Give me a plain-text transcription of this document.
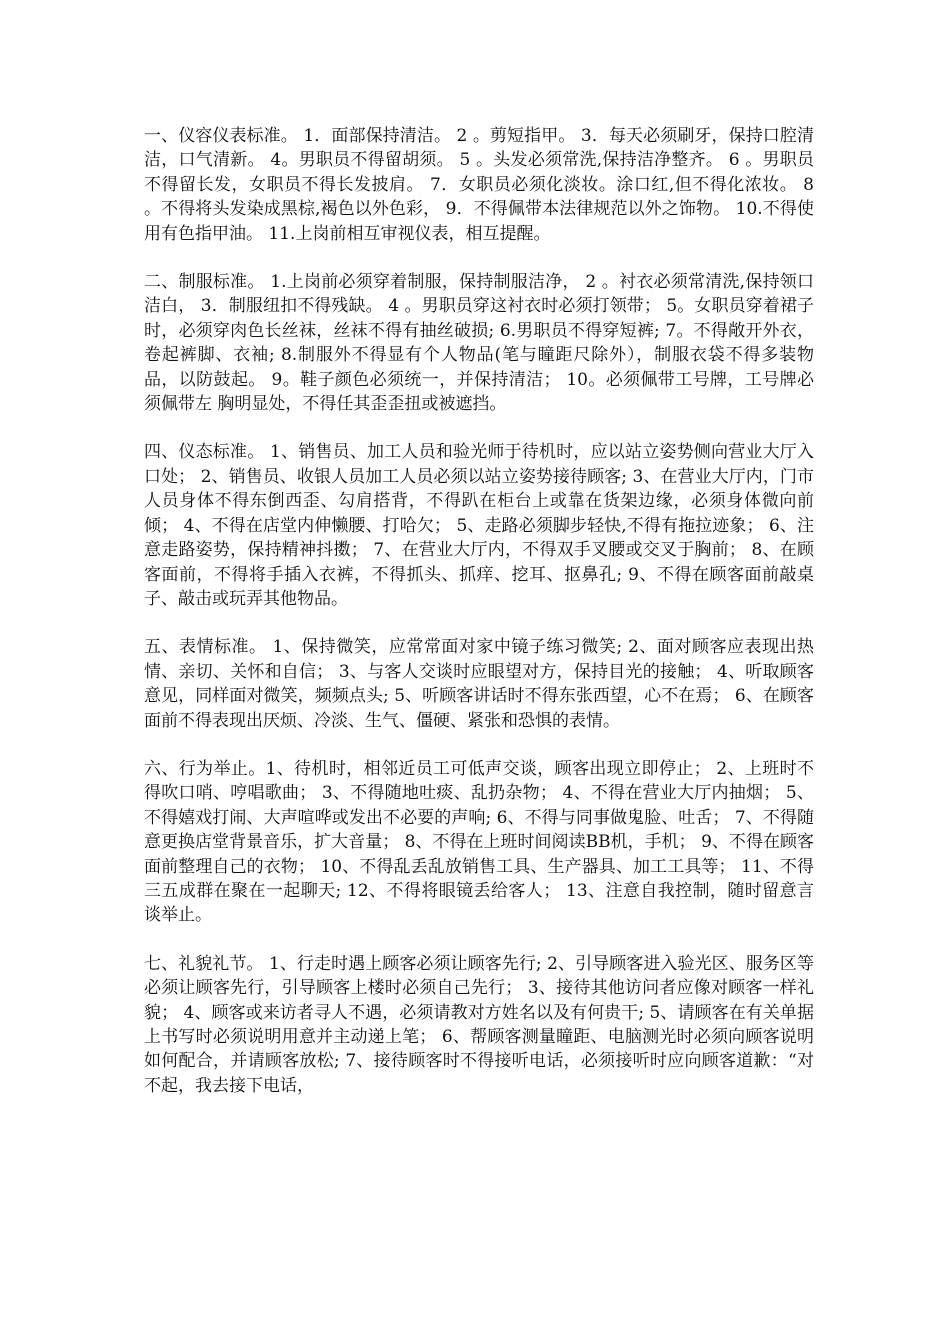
一、仪容仪表标准。 1．面部保持清洁。 2 。剪短指甲。 3．每天必须刷牙，保持口腔清洁，口气清新。 4。男职员不得留胡须。 5 。头发必须常洗,保持洁净整齐。 6 。男职员不得留长发，女职员不得长发披肩。 7．女职员必须化淡妆。涂口红,但不得化浓妆。 8 。不得将头发染成黑棕,褐色以外色彩， 9．不得佩带本法律规范以外之饰物。 10.不得使用有色指甲油。 11.上岗前相互审视仪表，相互提醒。

二、制服标准。 1.上岗前必须穿着制服，保持制服洁净， 2 。衬衣必须常清洗,保持领口洁白， 3．制服纽扣不得残缺。 4 。男职员穿这衬衣时必须打领带； 5。女职员穿着裙子时，必须穿肉色长丝袜，丝袜不得有抽丝破损; 6.男职员不得穿短裤; 7。不得敞开外衣，卷起裤脚、衣袖; 8.制服外不得显有个人物品(笔与瞳距尺除外），制服衣袋不得多装物品，以防鼓起。 9。鞋子颜色必须统一，并保持清洁； 10。必须佩带工号牌，工号牌必须佩带左 胸明显处，不得任其歪歪扭或被遮挡。

四、仪态标准。 1、销售员、加工人员和验光师于待机时，应以站立姿势侧向营业大厅入口处； 2、销售员、收银人员加工人员必须以站立姿势接待顾客; 3、在营业大厅内，门市人员身体不得东倒西歪、勾肩搭背，不得趴在柜台上或靠在货架边缘，必须身体微向前倾； 4、不得在店堂内伸懒腰、打哈欠； 5、走路必须脚步轻快,不得有拖拉迹象； 6、注意走路姿势，保持精神抖擞； 7、在营业大厅内，不得双手叉腰或交叉于胸前； 8、在顾客面前，不得将手插入衣裤，不得抓头、抓痒、挖耳、抠鼻孔; 9、不得在顾客面前敲桌子、敲击或玩弄其他物品。

五、表情标准。 1、保持微笑，应常常面对家中镜子练习微笑; 2、面对顾客应表现出热情、亲切、关怀和自信； 3、与客人交谈时应眼望对方，保持目光的接触； 4、听取顾客意见，同样面对微笑，频频点头; 5、听顾客讲话时不得东张西望，心不在焉； 6、在顾客面前不得表现出厌烦、冷淡、生气、僵硬、紧张和恐惧的表情。

六、行为举止。1、待机时，相邻近员工可低声交谈，顾客出现立即停止； 2、上班时不得吹口哨、哼唱歌曲； 3、不得随地吐痰、乱扔杂物； 4、不得在营业大厅内抽烟； 5、不得嬉戏打闹、大声喧哗或发出不必要的声响; 6、不得与同事做鬼脸、吐舌； 7、不得随意更换店堂背景音乐，扩大音量； 8、不得在上班时间阅读BB机，手机； 9、不得在顾客面前整理自己的衣物； 10、不得乱丢乱放销售工具、生产器具、加工工具等； 11、不得三五成群在聚在一起聊天; 12、不得将眼镜丢给客人； 13、注意自我控制，随时留意言谈举止。

七、礼貌礼节。 1、行走时遇上顾客必须让顾客先行; 2、引导顾客进入验光区、服务区等必须让顾客先行，引导顾客上楼时必须自己先行； 3、接待其他访问者应像对顾客一样礼貌； 4、顾客或来访者寻人不遇，必须请教对方姓名以及有何贵干; 5、请顾客在有关单据上书写时必须说明用意并主动递上笔； 6、帮顾客测量瞳距、电脑测光时必须向顾客说明如何配合，并请顾客放松; 7、接待顾客时不得接听电话，必须接听时应向顾客道歉：“对不起，我去接下电话，
